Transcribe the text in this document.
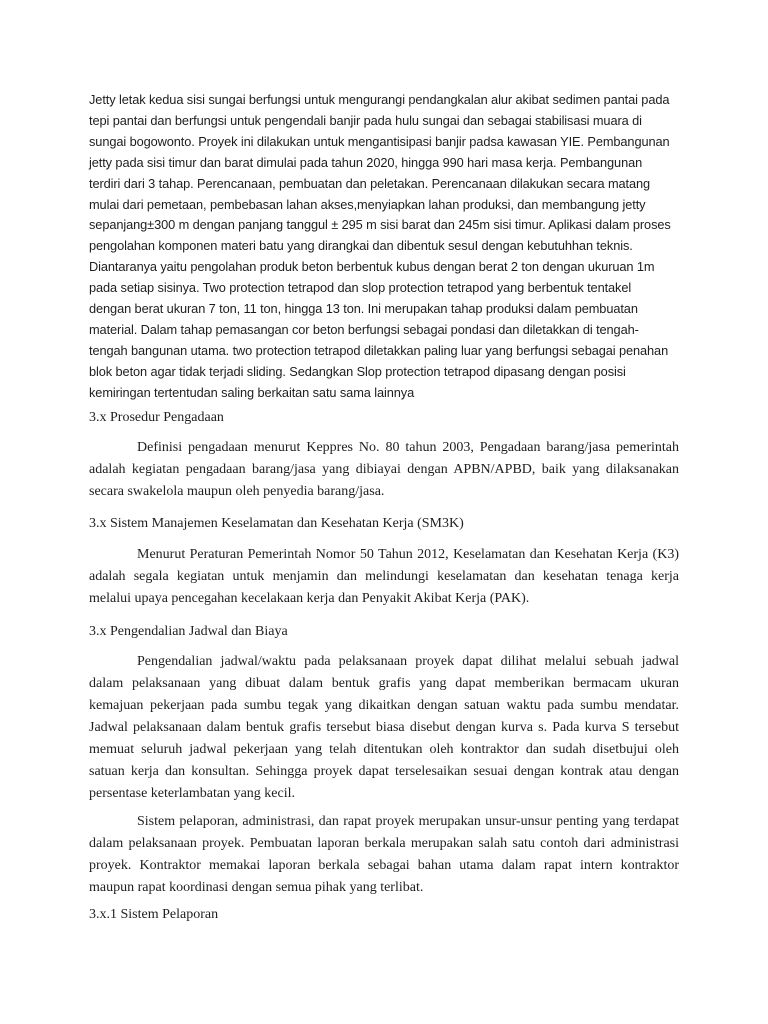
Jetty letak kedua sisi sungai berfungsi untuk mengurangi pendangkalan alur akibat sedimen pantai pada
tepi pantai dan berfungsi untuk pengendali banjir pada hulu sungai dan sebagai stabilisasi muara di
sungai bogowonto. Proyek ini dilakukan untuk mengantisipasi banjir padsa kawasan YIE. Pembangunan
jetty pada sisi timur dan barat dimulai pada tahun 2020, hingga 990 hari masa kerja. Pembangunan
terdiri dari 3 tahap. Perencanaan, pembuatan dan peletakan. Perencanaan dilakukan secara matang
mulai dari pemetaan, pembebasan lahan akses,menyiapkan lahan produksi, dan membangung jetty
sepanjang±300 m dengan panjang tanggul ± 295 m sisi barat dan 245m sisi timur. Aplikasi dalam proses
pengolahan komponen materi batu yang dirangkai dan dibentuk sesuI dengan kebutuhhan teknis.
Diantaranya yaitu pengolahan produk beton berbentuk kubus dengan berat 2 ton dengan ukuruan 1m
pada setiap sisinya. Two protection tetrapod dan slop protection tetrapod yang berbentuk tentakel
dengan berat ukuran 7 ton, 11 ton, hingga 13 ton. Ini merupakan tahap produksi dalam pembuatan
material. Dalam tahap pemasangan cor beton berfungsi sebagai pondasi dan diletakkan di tengah-
tengah bangunan utama. two protection tetrapod diletakkan paling luar yang berfungsi sebagai penahan
blok beton agar tidak terjadi sliding. Sedangkan Slop protection tetrapod dipasang dengan posisi
kemiringan tertentudan saling berkaitan satu sama lainnya

3.x Prosedur Pengadaan

Definisi pengadaan menurut Keppres No. 80 tahun 2003, Pengadaan barang/jasa pemerintah
adalah kegiatan pengadaan barang/jasa yang dibiayai dengan APBN/APBD, baik yang dilaksanakan
secara swakelola maupun oleh penyedia barang/jasa.

3.x Sistem Manajemen Keselamatan dan Kesehatan Kerja (SM3K)

Menurut Peraturan Pemerintah Nomor 50 Tahun 2012, Keselamatan dan Kesehatan Kerja (K3)
adalah segala kegiatan untuk menjamin dan melindungi keselamatan dan kesehatan tenaga kerja
melalui upaya pencegahan kecelakaan kerja dan Penyakit Akibat Kerja (PAK).

3.x Pengendalian Jadwal dan Biaya

Pengendalian jadwal/waktu pada pelaksanaan proyek dapat dilihat melalui sebuah jadwal
dalam pelaksanaan yang dibuat dalam bentuk grafis yang dapat memberikan bermacam ukuran
kemajuan pekerjaan pada sumbu tegak yang dikaitkan dengan satuan waktu pada sumbu mendatar.
Jadwal pelaksanaan dalam bentuk grafis tersebut biasa disebut dengan kurva s. Pada kurva S tersebut
memuat seluruh jadwal pekerjaan yang telah ditentukan oleh kontraktor dan sudah disetbujui oleh
satuan kerja dan konsultan. Sehingga proyek dapat terselesaikan sesuai dengan kontrak atau dengan
persentase keterlambatan yang kecil.

Sistem pelaporan, administrasi, dan rapat proyek merupakan unsur-unsur penting yang terdapat
dalam pelaksanaan proyek. Pembuatan laporan berkala merupakan salah satu contoh dari administrasi
proyek. Kontraktor memakai laporan berkala sebagai bahan utama dalam rapat intern kontraktor
maupun rapat koordinasi dengan semua pihak yang terlibat.

3.x.1 Sistem Pelaporan
